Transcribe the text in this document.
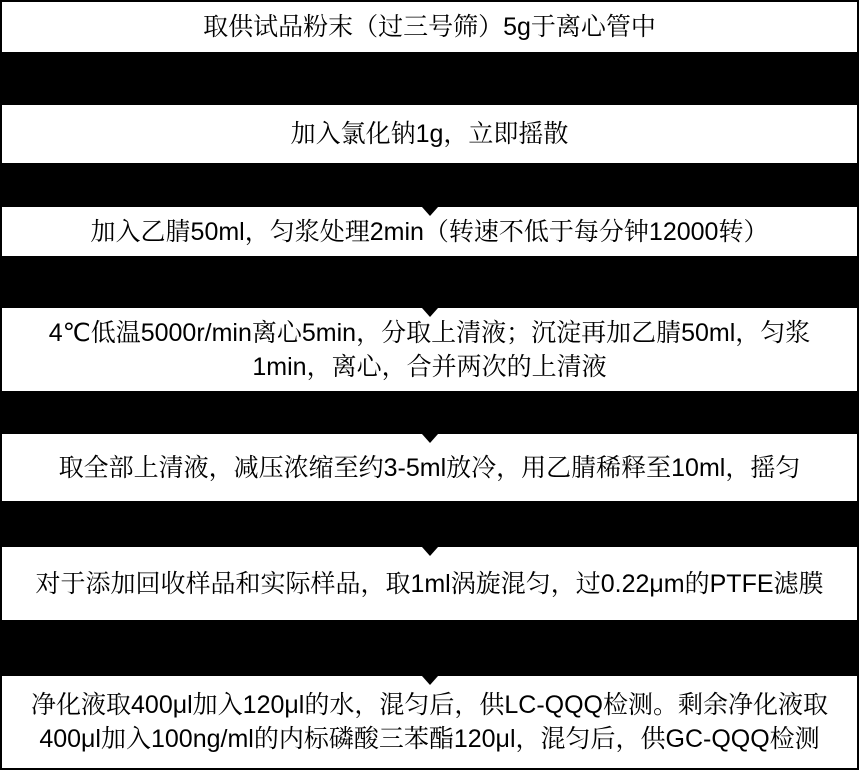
取供试品粉末（过三号筛）5g于离心管中
加入氯化钠1g，立即摇散
加入乙腈50ml，匀浆处理2min（转速不低于每分钟12000转）
4℃低温5000r/min离心5min，分取上清液；沉淀再加乙腈50ml，匀浆1min，离心，合并两次的上清液
取全部上清液，减压浓缩至约3-5ml放冷，用乙腈稀释至10ml，摇匀
对于添加回收样品和实际样品，取1ml涡旋混匀，过0.22μm的PTFE滤膜
净化液取400μl加入120μl的水，混匀后，供LC-QQQ检测。剩余净化液取400μl加入100ng/ml的内标磷酸三苯酯120μl，混匀后，供GC-QQQ检测
